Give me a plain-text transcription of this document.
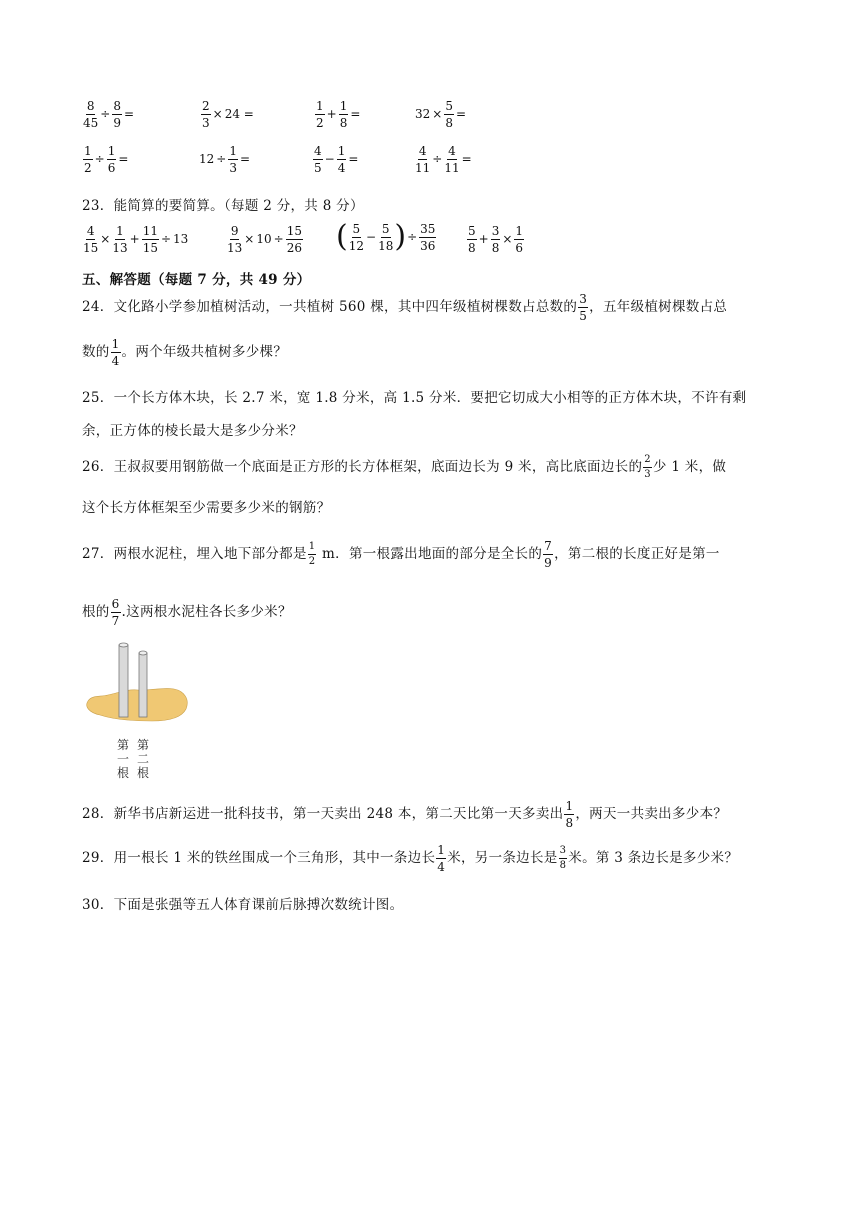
$\frac{8}{45} \div \frac{8}{9}$ =	$\frac{2}{3} \times 24$ =	$\frac{1}{2} + \frac{1}{8}$ =	$32 \times \frac{5}{8}$ =
$\frac{1}{2} \div \frac{1}{6}$ =	$12 \div \frac{1}{3}$ =	$\frac{4}{5} - \frac{1}{4}$ =	$\frac{4}{11} \div \frac{4}{11}$ =
23．能简算的要简算。（每题 2 分，共 8 分）
$\frac{4}{15} \times \frac{1}{13} + \frac{11}{15} \div 13$	$\frac{9}{13} \times 10 \div \frac{15}{26}$ ( $\frac{5}{12} - \frac{5}{18}$ )÷ $\frac{35}{36}$	$\frac{5}{8} + \frac{3}{8} \times \frac{1}{6}$
五、解答题（每题 7 分，共 49 分）
24．文化路小学参加植树活动，一共植树 560 棵，其中四年级植树棵数占总数的 $\frac{3}{5}$ ，五年级植树棵数占总
数的 $\frac{1}{4}$ 。两个年级共植树多少棵？
25．一个长方体木块，长 2.7 米，宽 1.8 分米，高 1.5 分米．要把它切成大小相等的正方体木块，不许有剩
余，正方体的棱长最大是多少分米？
26．王叔叔要用钢筋做一个底面是正方形的长方体框架，底面边长为 9 米，高比底面边长的 $\frac{2}{3}$ 少 1 米，做
这个长方体框架至少需要多少米的钢筋？
27．两根水泥柱，埋入地下部分都是 $\frac{1}{2}$ m．第一根露出地面的部分是全长的 $\frac{7}{9}$ ，第二根的长度正好是第一
根的 $\frac{6}{7}$ .这两根水泥柱各长多少米？
第
一
根
第
二
根
28．新华书店新运进一批科技书，第一天卖出 248 本，第二天比第一天多卖出 $\frac{1}{8}$ ，两天一共卖出多少本？
29．用一根长 1 米的铁丝围成一个三角形，其中一条边长 $\frac{1}{4}$ 米，另一条边长是 $\frac{3}{8}$ 米。第 3 条边长是多少米？
30．下面是张强等五人体育课前后脉搏次数统计图。
